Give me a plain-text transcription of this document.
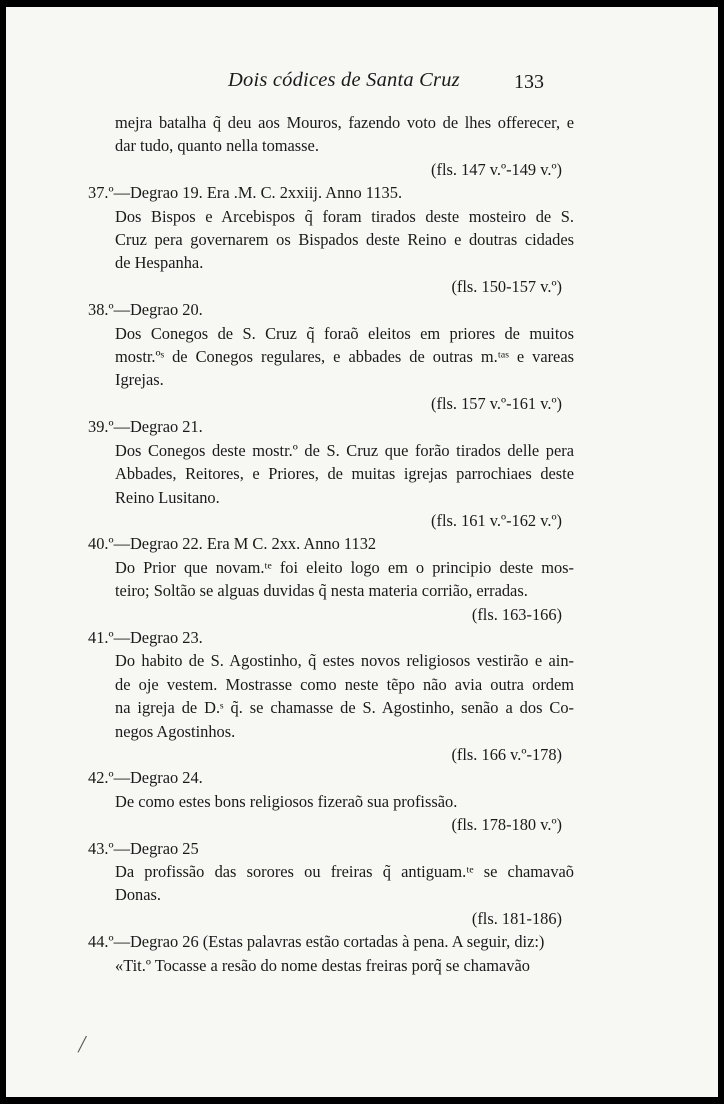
Dois códices de Santa Cruz	133
mejra batalha q̃ deu aos Mouros, fazendo voto de lhes offerecer, e
dar tudo, quanto nella tomasse.

(fls. 147 v.º-149 v.º)

37.º—Degrao 19. Era .M. C. 2xxiij. Anno 1135.

Dos Bispos e Arcebispos q̃ foram tirados deste mosteiro de S.
Cruz pera governarem os Bispados deste Reino e doutras cidades
de Hespanha.

(fls. 150-157 v.º)

38.º—Degrao 20.

Dos Conegos de S. Cruz q̃ foraõ eleitos em priores de muitos
mostr.ºˢ de Conegos regulares, e abbades de outras m.ᵗᵃˢ e vareas
Igrejas.

(fls. 157 v.º-161 v.º)

39.º—Degrao 21.

Dos Conegos deste mostr.º de S. Cruz que forão tirados delle pera
Abbades, Reitores, e Priores, de muitas igrejas parrochiaes deste
Reino Lusitano.

(fls. 161 v.º-162 v.º)

40.º—Degrao 22. Era M C. 2xx. Anno 1132

Do Prior que novam.ᵗᵉ foi eleito logo em o principio deste mos-
teiro; Soltão se alguas duvidas q̃ nesta materia corrião, erradas.

(fls. 163-166)

41.º—Degrao 23.

Do habito de S. Agostinho, q̃ estes novos religiosos vestirão e ain-
de oje vestem. Mostrasse como neste tẽpo não avia outra ordem
na igreja de D.ˢ q̃. se chamasse de S. Agostinho, senão a dos Co-
negos Agostinhos.

(fls. 166 v.º-178)

42.º—Degrao 24.

De como estes bons religiosos fizeraõ sua profissão.

(fls. 178-180 v.º)

43.º—Degrao 25

Da profissão das sorores ou freiras q̃ antiguam.ᵗᵉ se chamavaõ
Donas.

(fls. 181-186)

44.º—Degrao 26 (Estas palavras estão cortadas à pena. A seguir, diz:)

«Tit.º Tocasse a resão do nome destas freiras porq̃ se chamavão
╱
